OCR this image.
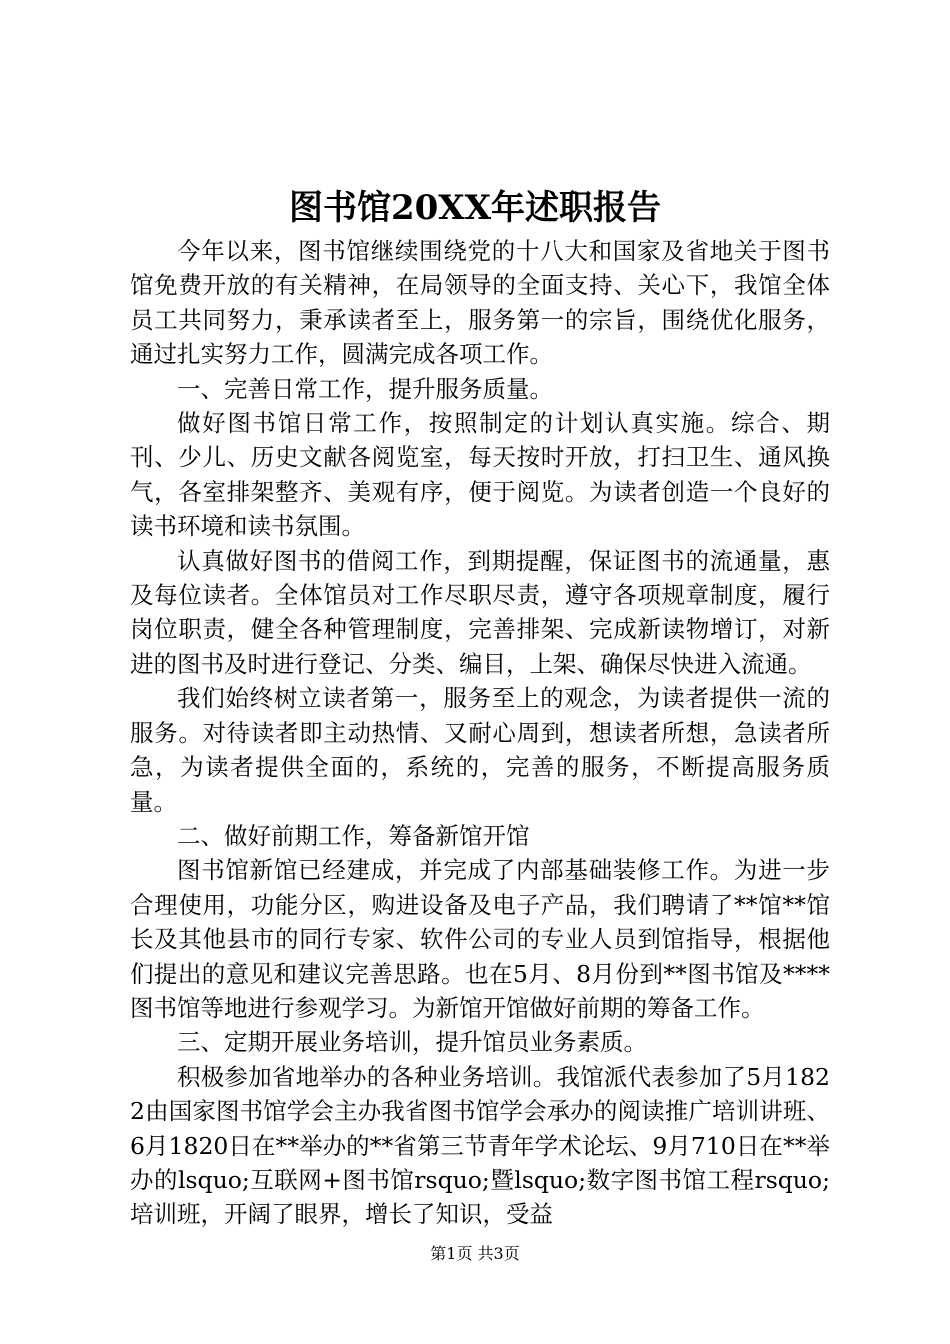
图书馆20XX年述职报告

今年以来，图书馆继续围绕党的十八大和国家及省地关于图书馆免费开放的有关精神，在局领导的全面支持、关心下，我馆全体员工共同努力，秉承读者至上，服务第一的宗旨，围绕优化服务，通过扎实努力工作，圆满完成各项工作。

一、完善日常工作，提升服务质量。

做好图书馆日常工作，按照制定的计划认真实施。综合、期刊、少儿、历史文献各阅览室，每天按时开放，打扫卫生、通风换气，各室排架整齐、美观有序，便于阅览。为读者创造一个良好的读书环境和读书氛围。

认真做好图书的借阅工作，到期提醒，保证图书的流通量，惠及每位读者。全体馆员对工作尽职尽责，遵守各项规章制度，履行岗位职责，健全各种管理制度，完善排架、完成新读物增订，对新进的图书及时进行登记、分类、编目，上架、确保尽快进入流通。

我们始终树立读者第一，服务至上的观念，为读者提供一流的服务。对待读者即主动热情、又耐心周到，想读者所想，急读者所急，为读者提供全面的，系统的，完善的服务，不断提高服务质量。

二、做好前期工作，筹备新馆开馆

图书馆新馆已经建成，并完成了内部基础装修工作。为进一步合理使用，功能分区，购进设备及电子产品，我们聘请了**馆**馆长及其他县市的同行专家、软件公司的专业人员到馆指导，根据他们提出的意见和建议完善思路。也在5月、8月份到**图书馆及****图书馆等地进行参观学习。为新馆开馆做好前期的筹备工作。

三、定期开展业务培训，提升馆员业务素质。

积极参加省地举办的各种业务培训。我馆派代表参加了5月1822由国家图书馆学会主办我省图书馆学会承办的阅读推广培训讲班、6月1820日在**举办的**省第三节青年学术论坛、9月710日在**举办的lsquo;互联网+图书馆rsquo;暨lsquo;数字图书馆工程rsquo;培训班，开阔了眼界，增长了知识，受益

第1页 共3页
